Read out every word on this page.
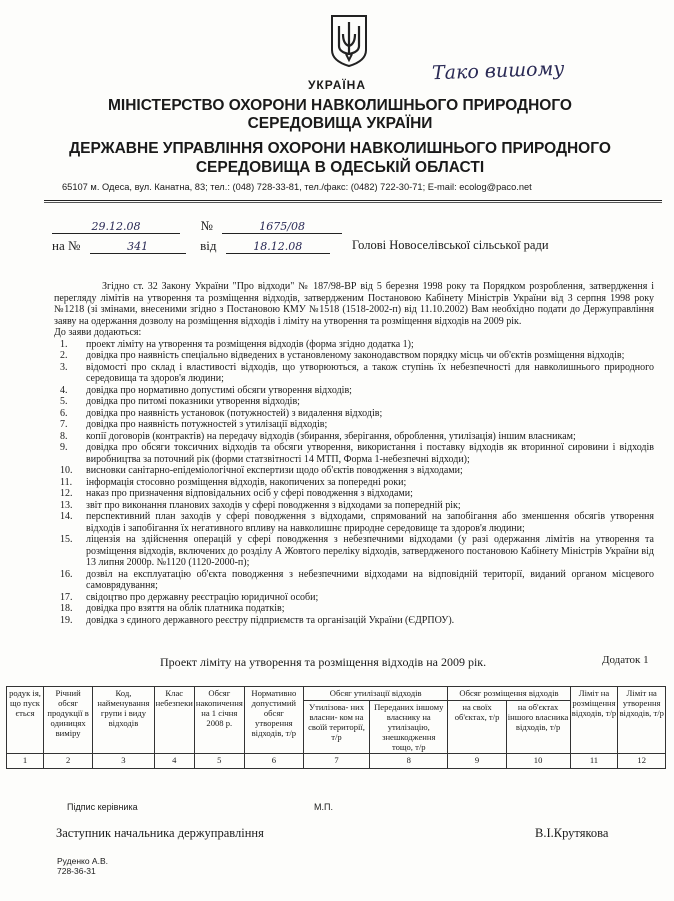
УКРАЇНА
Тако вишому
МІНІСТЕРСТВО ОХОРОНИ НАВКОЛИШНЬОГО ПРИРОДНОГО
СЕРЕДОВИЩА УКРАЇНИ
ДЕРЖАВНЕ УПРАВЛІННЯ ОХОРОНИ НАВКОЛИШНЬОГО ПРИРОДНОГО
СЕРЕДОВИЩА В ОДЕСЬКІЙ ОБЛАСТІ
65107 м. Одеса, вул. Канатна, 83; тел.: (048) 728-33-81, тел./факс: (0482) 722-30-71; E-mail: ecolog@paco.net
29.12.08	№	1675/08
на №	341	від	18.12.08	Голові Новоселівської сільської ради

Згідно ст. 32 Закону України "Про відходи" № 187/98-ВР від 5 березня 1998 року та Порядком розроблення, затвердження і перегляду лімітів на утворення та розміщення відходів, затвердженим Постановою Кабінету Міністрів України від 3 серпня 1998 року №1218 (зі змінами, внесеними згідно з Постановою КМУ №1518 (1518-2002-п) від 11.10.2002) Вам необхідно подати до Держуправління заяву на одержання дозволу на розміщення відходів і ліміту на утворення та розміщення відходів на 2009 рік.

До заяви додаються:

1.	проект ліміту на утворення та розміщення відходів (форма згідно додатка 1);
2.	довідка про наявність спеціально відведених в установленому законодавством порядку місць чи об'єктів розміщення відходів;
3.	відомості про склад і властивості відходів, що утворюються, а також ступінь їх небезпечності для навколишнього природного середовища та здоров'я людини;
4.	довідка про нормативно допустимі обсяги утворення відходів;
5.	довідка про питомі показники утворення відходів;
6.	довідка про наявність установок (потужностей) з видалення відходів;
7.	довідка про наявність потужностей з утилізації відходів;
8.	копії договорів (контрактів) на передачу відходів (збирання, зберігання, оброблення, утилізація) іншим власникам;
9.	довідка про обсяги токсичних відходів та обсяги утворення, використання і поставку відходів як вторинної сировини і відходів виробництва за поточний рік (форми статзвітності 14 МТП, Форма 1-небезпечні відходи);
10.	висновки санітарно-епідеміологічної експертизи щодо об'єктів поводження з відходами;
11.	інформація стосовно розміщення відходів, накопичених за попередні роки;
12.	наказ про призначення відповідальних осіб у сфері поводження з відходами;
13.	звіт про виконання планових заходів у сфері поводження з відходами за попередній рік;
14.	перспективний план заходів у сфері поводження з відходами, спрямований на запобігання або зменшення обсягів утворення відходів і запобігання їх негативного впливу на навколишнє природне середовище та здоров'я людини;
15.	ліцензія на здійснення операцій у сфері поводження з небезпечними відходами (у разі одержання лімітів на утворення та розміщення відходів, включених до розділу А Жовтого переліку відходів, затвердженого постановою Кабінету Міністрів України від 13 липня 2000р. №1120 (1120-2000-п);
16.	дозвіл на експлуатацію об'єкта поводження з небезпечними відходами на відповідній території, виданий органом місцевого самоврядування;
17.	свідоцтво про державну реєстрацію юридичної особи;
18.	довідка про взяття на облік платника податків;
19.	довідка з єдиного державного реєстру підприємств та організацій України (ЄДРПОУ).
Проект ліміту на утворення та розміщення відходів на 2009 рік.	Додаток 1
родук ія, що пуск ється	Річний обсяг продукції в одиницях виміру	Код, найменування групи і виду відходів	Клас небезпеки	Обсяг накопичення на 1 січня 2008 р.	Нормативно допустимий обсяг утворення відходів, т/р	Обсяг утилізації відходів		Обсяг розміщення відходів		Ліміт на розміщення відходів, т/р	Ліміт на утворення відходів, т/р
						Утилізова- них власни- ком на своїй території, т/р	Переданих іншому власнику на утилізацію, знешкодження тощо, т/р	на своїх об'єктах, т/р	на об'єктах іншого власника відходів, т/р		
1	2	3	4	5	6	7	8	9	10	11	12
Підпис керівника	М.П.
Заступник начальника держуправління	В.І.Крутякова
Руденко А.В.
728-36-31
